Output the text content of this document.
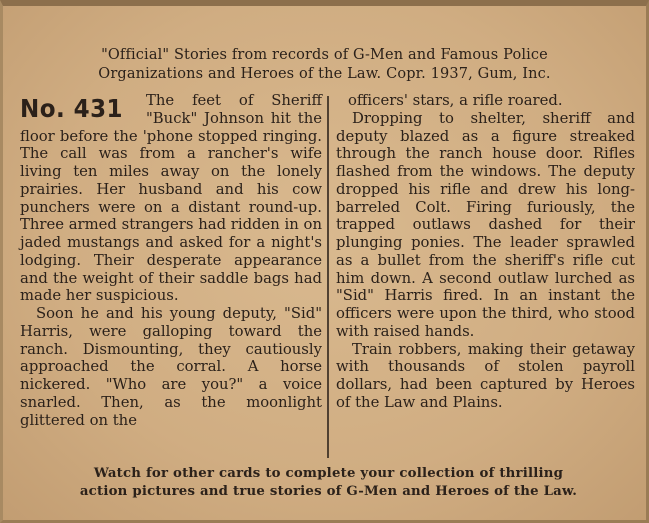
"Official" Stories from records of G-Men and Famous Police
Organizations and Heroes of the Law. Copr. 1937, Gum, Inc.
No. 431	The feet of Sheriff "Buck" Johnson hit the floor before the 'phone stopped ringing. The call was from a rancher's wife living ten miles away on the lonely prairies. Her husband and his cow punchers were on a distant round-up. Three armed strangers had ridden in on jaded mustangs and asked for a night's lodging. Their desperate appearance and the weight of their saddle bags had made her suspicious.

Soon he and his young deputy, "Sid" Harris, were galloping toward the ranch. Dismounting, they cautiously approached the corral. A horse nickered. "Who are you?" a voice snarled. Then, as the moonlight glittered on the

officers' stars, a rifle roared.

Dropping to shelter, sheriff and deputy blazed as a figure streaked through the ranch house door. Rifles flashed from the windows. The deputy dropped his rifle and drew his long-barreled Colt. Firing furiously, the trapped outlaws dashed for their plunging ponies. The leader sprawled as a bullet from the sheriff's rifle cut him down. A second outlaw lurched as "Sid" Harris fired. In an instant the officers were upon the third, who stood with raised hands.

Train robbers, making their getaway with thousands of stolen payroll dollars, had been captured by Heroes of the Law and Plains.

Watch for other cards to complete your collection of thrilling
action pictures and true stories of G-Men and Heroes of the Law.
